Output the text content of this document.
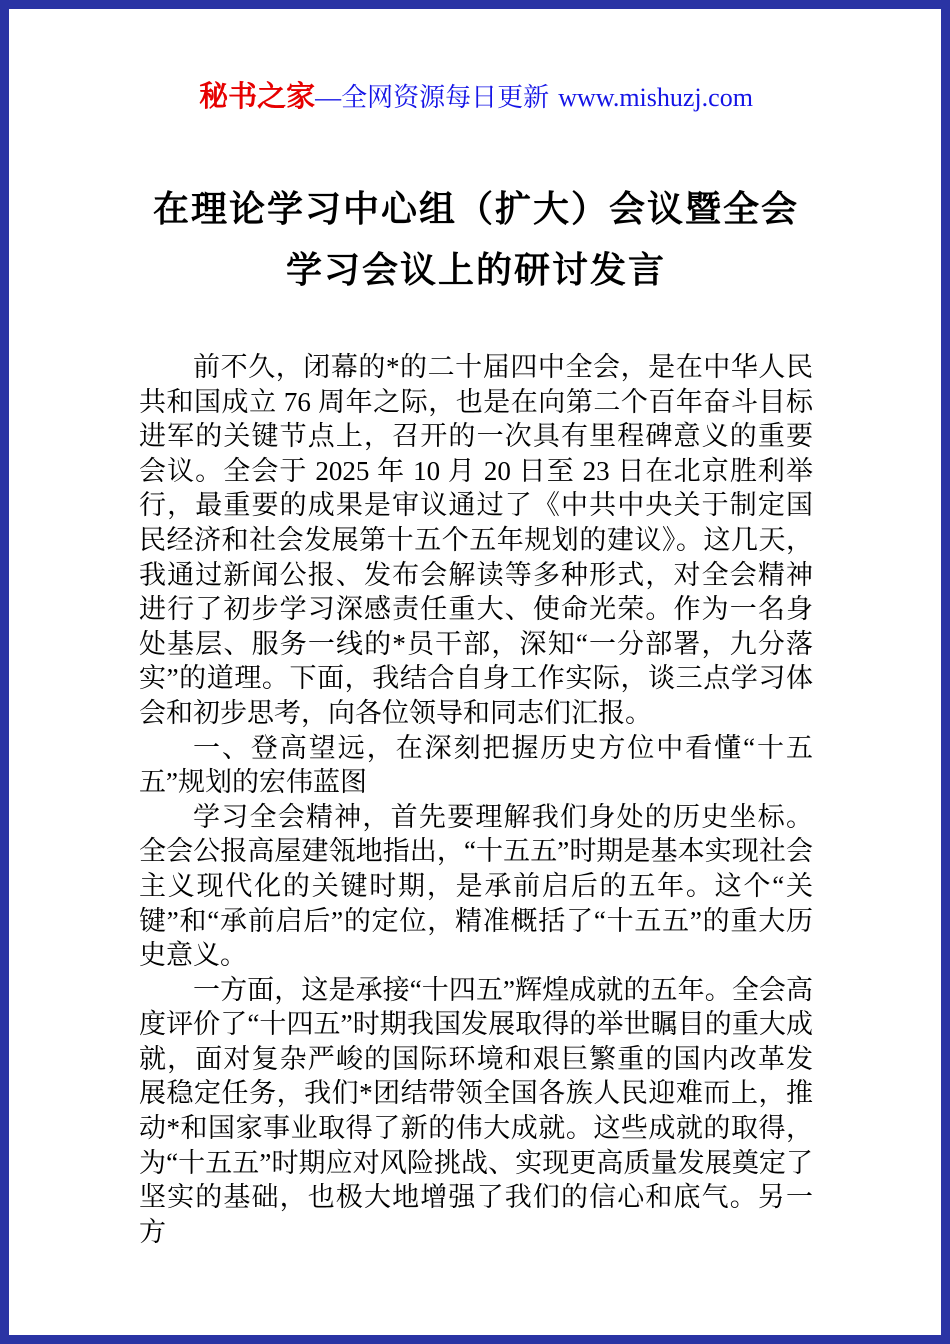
秘书之家—全网资源每日更新 www.mishuzj.com
在理论学习中心组（扩大）会议暨全会
学习会议上的研讨发言

前不久，闭幕的*的二十届四中全会，是在中华人民共和国成立 76 周年之际，也是在向第二个百年奋斗目标进军的关键节点上，召开的一次具有里程碑意义的重要会议。全会于 2025 年 10 月 20 日至 23 日在北京胜利举行，最重要的成果是审议通过了《中共中央关于制定国民经济和社会发展第十五个五年规划的建议》。这几天，我通过新闻公报、发布会解读等多种形式，对全会精神进行了初步学习深感责任重大、使命光荣。作为一名身处基层、服务一线的*员干部，深知“一分部署，九分落实”的道理。下面，我结合自身工作实际，谈三点学习体会和初步思考，向各位领导和同志们汇报。

一、登高望远，在深刻把握历史方位中看懂“十五五”规划的宏伟蓝图

学习全会精神，首先要理解我们身处的历史坐标。全会公报高屋建瓴地指出，“十五五”时期是基本实现社会主义现代化的关键时期，是承前启后的五年。这个“关键”和“承前启后”的定位，精准概括了“十五五”的重大历史意义。

一方面，这是承接“十四五”辉煌成就的五年。全会高度评价了“十四五”时期我国发展取得的举世瞩目的重大成就，面对复杂严峻的国际环境和艰巨繁重的国内改革发展稳定任务，我们*团结带领全国各族人民迎难而上，推动*和国家事业取得了新的伟大成就。这些成就的取得，为“十五五”时期应对风险挑战、实现更高质量发展奠定了坚实的基础，也极大地增强了我们的信心和底气。另一方
